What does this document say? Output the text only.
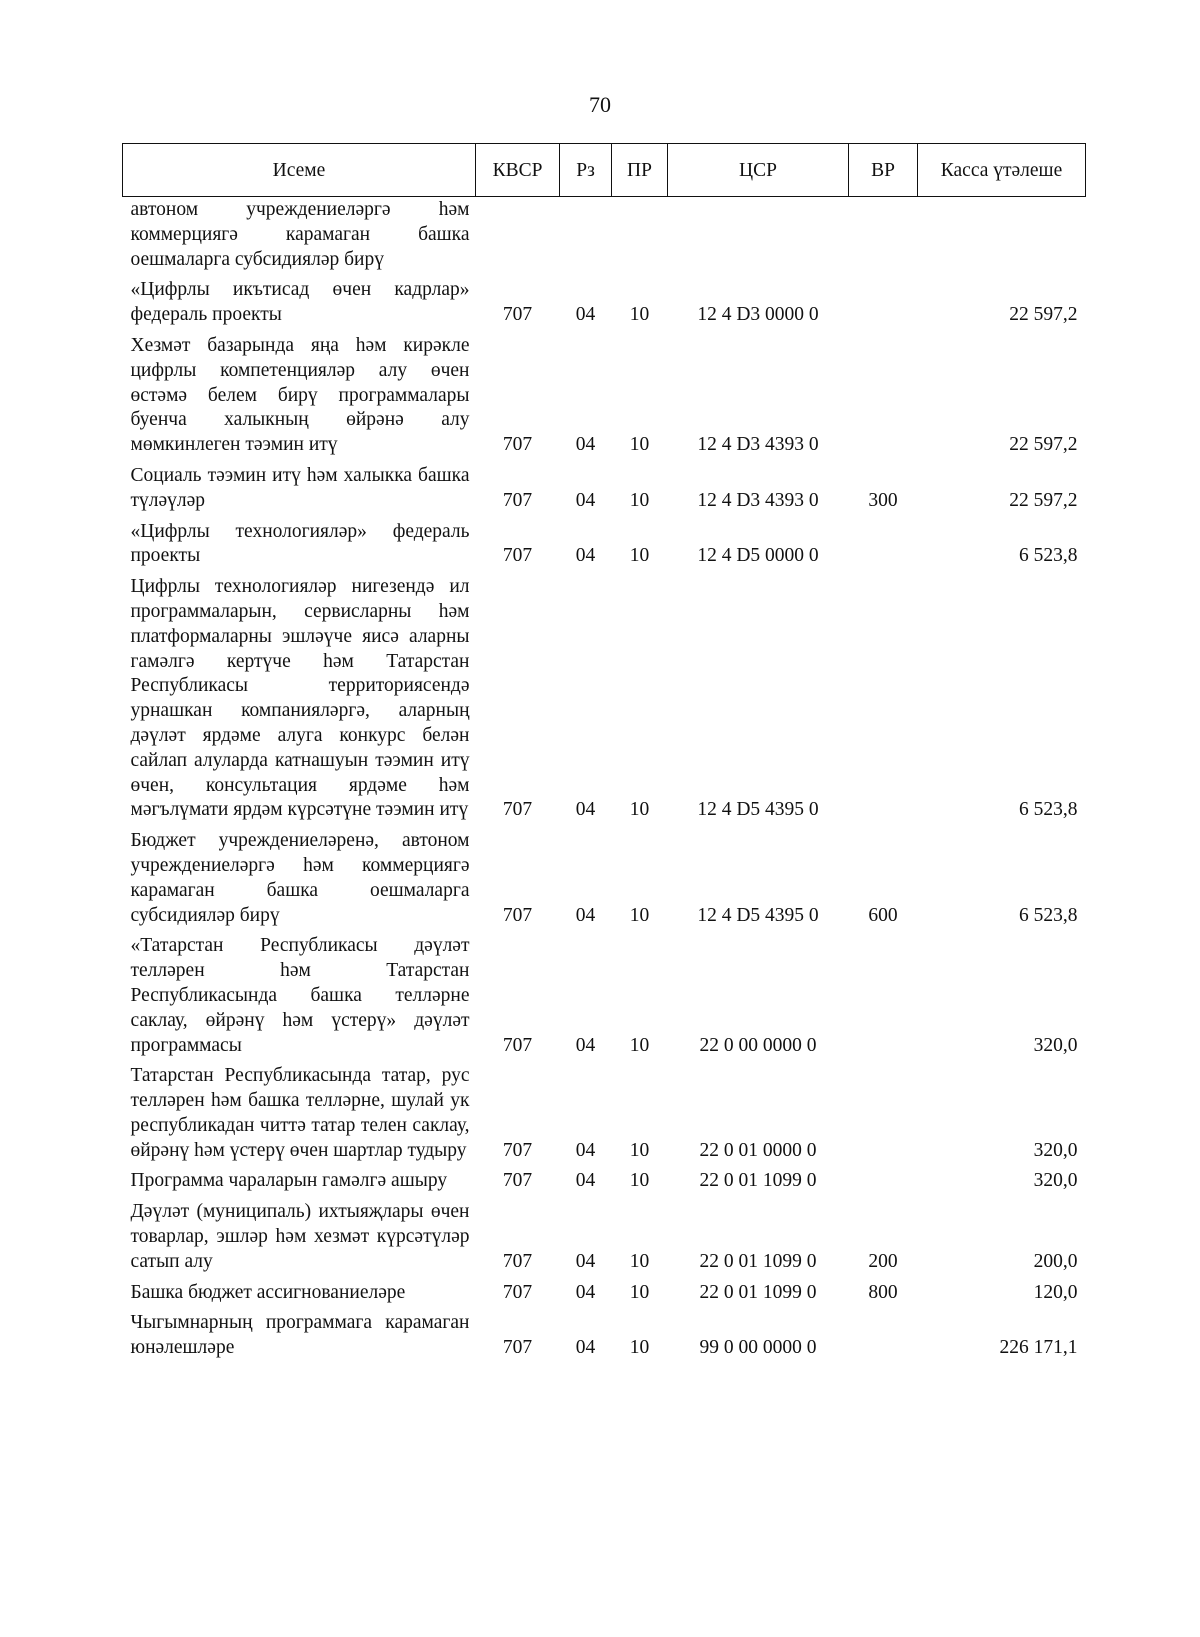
70
Исеме	КВСР	Рз	ПР	ЦСР	ВР	Касса үтәлеше
автоном учреждениеләргә һәм коммерциягә карамаган башка оешмаларга субсидияләр бирү						
«Цифрлы икътисад өчен кадрлар» федераль проекты	707	04	10	12 4 D3 0000 0		22 597,2
Хезмәт базарында яңа һәм кирәкле цифрлы компетенцияләр алу өчен өстәмә белем бирү программалары буенча халыкның өйрәнә алу мөмкинлеген тәэмин итү	707	04	10	12 4 D3 4393 0		22 597,2
Социаль тәэмин итү һәм халыкка башка түләүләр	707	04	10	12 4 D3 4393 0	300	22 597,2
«Цифрлы технологияләр» федераль проекты	707	04	10	12 4 D5 0000 0		6 523,8
Цифрлы технологияләр нигезендә ил программаларын, сервисларны һәм платформаларны эшләүче яисә аларны гамәлгә кертүче һәм Татарстан Республикасы территориясендә урнашкан компанияләргә, аларның дәүләт ярдәме алуга конкурс белән сайлап алуларда катнашуын тәэмин итү өчен, консультация ярдәме һәм мәгълүмати ярдәм күрсәтүне тәэмин итү	707	04	10	12 4 D5 4395 0		6 523,8
Бюджет учреждениеләренә, автоном учреждениеләргә һәм коммерциягә карамаган башка оешмаларга субсидияләр бирү	707	04	10	12 4 D5 4395 0	600	6 523,8
«Татарстан Республикасы дәүләт телләрен һәм Татарстан Республикасында башка телләрне саклау, өйрәнү һәм үстерү» дәүләт программасы	707	04	10	22 0 00 0000 0		320,0
Татарстан Республикасында татар, рус телләрен һәм башка телләрне, шулай ук республикадан читтә татар телен саклау, өйрәнү һәм үстерү өчен шартлар тудыру	707	04	10	22 0 01 0000 0		320,0
Программа чараларын гамәлгә ашыру	707	04	10	22 0 01 1099 0		320,0
Дәүләт (муниципаль) ихтыяҗлары өчен товарлар, эшләр һәм хезмәт күрсәтүләр сатып алу	707	04	10	22 0 01 1099 0	200	200,0
Башка бюджет ассигнованиеләре	707	04	10	22 0 01 1099 0	800	120,0
Чыгымнарның программага карамаган юнәлешләре	707	04	10	99 0 00 0000 0		226 171,1
